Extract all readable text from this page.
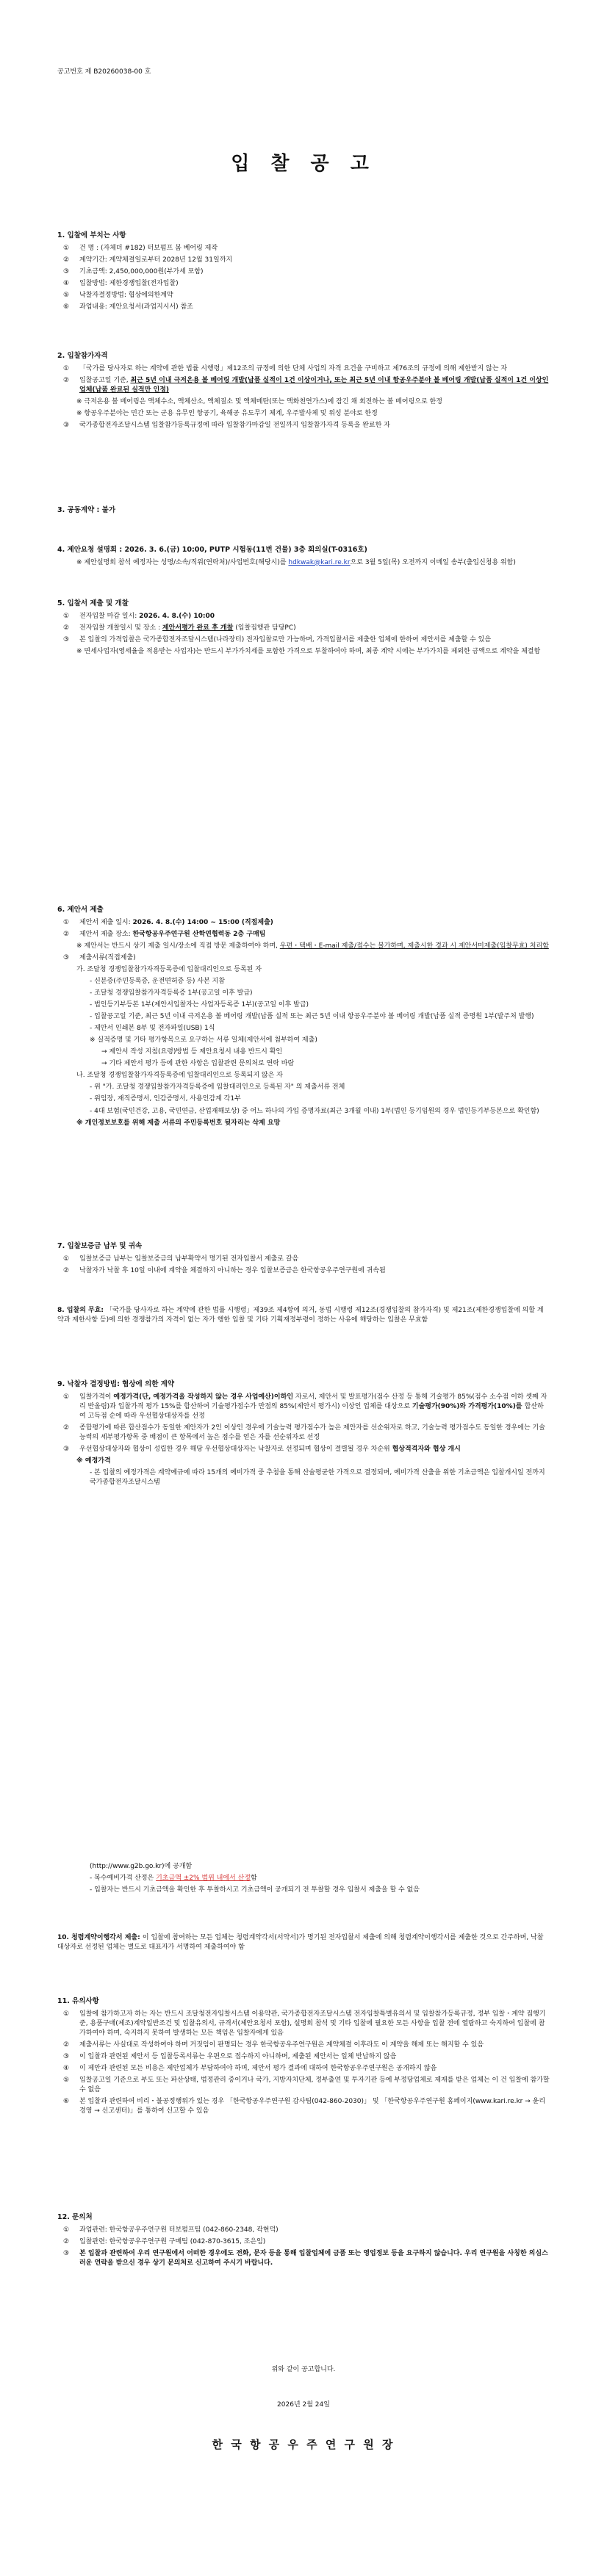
공고번호 제 B20260038-00 호
입 찰 공 고
1. 입찰에 부치는 사항
①	건 명 : (자체더 #182) 터보펌프 봄 베어링 제작
②	계약기간: 계약체결일로부터 2028년 12월 31일까지
③	기초금액: 2,450,000,000원(부가세 포함)
④	입찰방법: 제한경쟁입찰(전자입찰)
⑤	낙찰자결정방법: 협상에의한계약
⑥	과업내용: 제안요청서(과업지시서) 참조
2. 입찰참가자격
①	「국가를 당사자로 하는 계약에 관한 법률 시행령」제12조의 규정에 의한 단체 사업의 자격 요건을 구비하고 제76조의 규정에 의해 제한받지 않는 자
②	입찰공고일 기준, 최근 5년 이내 극저온용 볼 베어링 개발(납품 실적이 1건 이상이거나, 또는 최근 5년 이내 항공우주분야 볼 베어링 개발(납품 실적이 1건 이상인 업체(납품 완료된 실적만 인정)
※ 극저온용 볼 베어링은 액체수소, 액체산소, 액체질소 및 액체메탄(또는 액화천연가스)에 잠긴 채 회전하는 볼 베어링으로 한정
※ 항공우주분야는 민간 또는 군용 유무인 항공기, 육해공 유도무기 체계, 우주발사체 및 위성 분야로 한정
③	국가종합전자조달시스템 입찰참가등록규정에 따라 입찰참가마감일 전일까지 입찰참가자격 등록을 완료한 자
3. 공동계약 : 불가
4. 제안요청 설명회 : 2026. 3. 6.(금) 10:00, PUTP 시험동(11번 건물) 3층 회의실(T-0316호)
※ 제안설명회 참석 예정자는 성명/소속/직위(연락처)/사업번호(해당시)를 hdkwak@kari.re.kr으로 3월 5일(목) 오전까지 이메일 송부(출입신청용 위함)
5. 입찰서 제출 및 개찰
①	전자입찰 마감 일시: 2026. 4. 8.(수) 10:00
②	전자입찰 개찰일시 및 장소 : 제안서평가 완료 후 개찰 (입찰집행관 담당PC)
③	본 입찰의 가격입찰은 국가종합전자조달시스템(나라장터) 전자입찰로만 가능하며, 가격입찰서를 제출한 업체에 한하여 제안서를 제출할 수 있음
※ 면세사업자(영세율을 적용받는 사업자)는 반드시 부가가치세를 포함한 가격으로 투찰하여야 하며, 최종 계약 시에는 부가가치를 제외한 금액으로 계약을 체결함
6. 제안서 제출
①	제안서 제출 일시: 2026. 4. 8.(수) 14:00 ~ 15:00 (직접제출)
②	제안서 제출 장소: 한국항공우주연구원 산학연협력동 2층 구매팀
※ 제안서는 반드시 상기 제출 일시/장소에 직접 방문 제출하여야 하며, 우편・택배・E-mail 제출/접수는 불가하며, 제출시한 경과 시 제안서미제출(입찰무효) 처리함
③	제출서류(직접제출)
가. 조달청 경쟁입찰참가자격등록증에 입찰대리인으로 등록된 자
- 신분증(주민등록증, 운전면허증 등) 사본 지참
- 조달청 경쟁입찰참가자격등록증 1부(공고일 이후 발급)
- 법인등기부등본 1부(제안서입찰자는 사업자등록증 1부)(공고일 이후 발급)
- 입찰공고일 기준, 최근 5년 이내 극저온용 볼 베어링 개발(납품 실적 또는 최근 5년 이내 항공우주분야 볼 베어링 개발(납품 실적 증명원 1부(발주처 발행)
- 제안서 인쇄본 8부 및 전자파일(USB) 1식
※ 실적증명 및 기타 평가항목으로 요구하는 서류 일체(제안서에 첨부하여 제출)
→ 제안서 작성 지침(요령)방법 등 제안요청서 내용 반드시 확인
→ 기타 제안서 평가 등에 관한 사항은 입찰관련 문의처로 연락 바람
나. 조달청 경쟁입찰참가자격등록증에 입찰대리인으로 등록되지 않은 자
- 위 "가. 조달청 경쟁입찰참가자격등록증에 입찰대리인으로 등록된 자" 의 제출서류 전체
- 위임장, 재직증명서, 인감증명서, 사용인감계 각1부
- 4대 보험(국민건강, 고용, 국민연금, 산업재해보상) 중 어느 하나의 가입 증명자료(최근 3개월 이내) 1부(법인 등기임원의 경우 법인등기부등본으로 확인함)
※ 개인정보보호를 위해 제출 서류의 주민등록번호 뒷자리는 삭제 요망
7. 입찰보증금 납부 및 귀속
①	입찰보증금 납부는 입찰보증금의 납부확약서 명기된 전자입찰서 제출로 갈음
②	낙찰자가 낙찰 후 10일 이내에 계약을 체결하지 아니하는 경우 입찰보증금은 한국항공우주연구원에 귀속됨
8. 입찰의 무효: 「국가를 당사자로 하는 계약에 관한 법률 시행령」제39조 제4항에 의거, 동법 시행령 제12조(경쟁입찰의 참가자격) 및 제21조(제한경쟁입찰에 의할 계약과 제한사항 등)에 의한 경쟁참가의 자격이 없는 자가 행한 입찰 및 기타 기획재정부령이 정하는 사유에 해당하는 입찰은 무효함
9. 낙찰자 결정방법: 협상에 의한 계약
①	입찰가격이 예정가격(단, 예정가격을 작성하지 않는 경우 사업예산)이하인 자로서, 제안서 및 발표평가(점수 산정 등 통해 기술평가 85%(점수 소수점 이하 셋째 자리 반올림)과 입찰가격 평가 15%를 합산하여 기술평가점수가 만점의 85%(제안서 평가시) 이상인 업체를 대상으로 기술평가(90%)와 가격평가(10%)를 합산하여 고득점 순에 따라 우선협상대상자를 선정
②	종합평가에 따른 합산점수가 동일한 제안자가 2인 이상인 경우에 기술능력 평가점수가 높은 제안자를 선순위자로 하고, 기술능력 평가점수도 동일한 경우에는 기술능력의 세부평가항목 중 배점이 큰 항목에서 높은 점수를 얻은 자를 선순위자로 선정
③	우선협상대상자와 협상이 성립한 경우 해당 우선협상대상자는 낙찰자로 선정되며 협상이 결렬될 경우 차순위 협상적격자와 협상 개시
※ 예정가격
- 본 입찰의 예정가격은 계약예규에 따라 15개의 예비가격 중 추첨을 통해 산술평균한 가격으로 결정되며, 예비가격 산출을 위한 기초금액은 입찰개시일 전까지 국가종합전자조달시스템
(http://www.g2b.go.kr)에 공개함
- 복수예비가격 산정은 기초금액 ±2% 범위 내에서 산정함
- 입찰자는 반드시 기초금액을 확인한 후 투찰하시고 기초금액이 공개되기 전 투찰할 경우 입찰서 제출을 할 수 없음
10. 청렴계약이행각서 제출: 이 입찰에 참여하는 모든 업체는 청렴계약각서(서약서)가 명기된 전자입찰서 제출에 의해 청렴계약이행각서를 제출한 것으로 간주하며, 낙찰대상자로 선정된 업체는 별도로 대표자가 서명하여 제출하여야 함
11. 유의사항
①	입찰에 참가하고자 하는 자는 반드시 조달청전자입찰시스템 이용약관, 국가종합전자조달시스템 전자입찰특별유의서 및 입찰참가등록규정, 정부 입찰・계약 집행기준, 용품구매(제조)계약일반조건 및 입찰유의서, 규격서(제안요청서 포함), 설명회 참석 및 기타 입찰에 필요한 모든 사항을 입찰 전에 열람하고 숙지하여 입찰에 참가하여야 하며, 숙지하지 못하여 발생하는 모든 책임은 입찰자에게 있음
②	제출서류는 사실대로 작성하여야 하며 거짓임이 판명되는 경우 한국항공우주연구원은 계약체결 이후라도 이 계약을 해제 또는 해지할 수 있음
③	이 입찰과 관련된 제안서 등 입찰등록서류는 우편으로 접수하지 아니하며, 제출된 제안서는 일체 반납하지 않음
④	이 제안과 관련된 모든 비용은 제안업체가 부담하여야 하며, 제안서 평가 결과에 대하여 한국항공우주연구원은 공개하지 않음
⑤	입찰공고일 기준으로 부도 또는 파산상태, 법정관리 중이거나 국가, 지방자치단체, 정부출연 및 투자기관 등에 부정당업체로 제재를 받은 업체는 이 건 입찰에 참가할 수 없음
⑥	본 입찰과 관련하여 비리・불공정행위가 있는 경우 「한국항공우주연구원 감사팀(042-860-2030)」 및 「한국항공우주연구원 홈페이지(www.kari.re.kr → 윤리경영 → 신고센터)」를 통하여 신고할 수 있음
12. 문의처
①	과업관련: 한국항공우주연구원 터보펌프팀 (042-860-2348, 곽현덕)
②	입찰관련: 한국항공우주연구원 구매팀 (042-870-3615, 조은임)
③	본 입찰과 관련하여 우리 연구원에서 어떠한 경우에도 전화, 문자 등을 통해 입찰업체에 금품 또는 영업정보 등을 요구하지 않습니다. 우리 연구원을 사칭한 의심스러운 연락을 받으신 경우 상기 문의처로 신고하여 주시기 바랍니다.
위와 같이 공고합니다.
2026년 2월 24일
한 국 항 공 우 주 연 구 원 장
